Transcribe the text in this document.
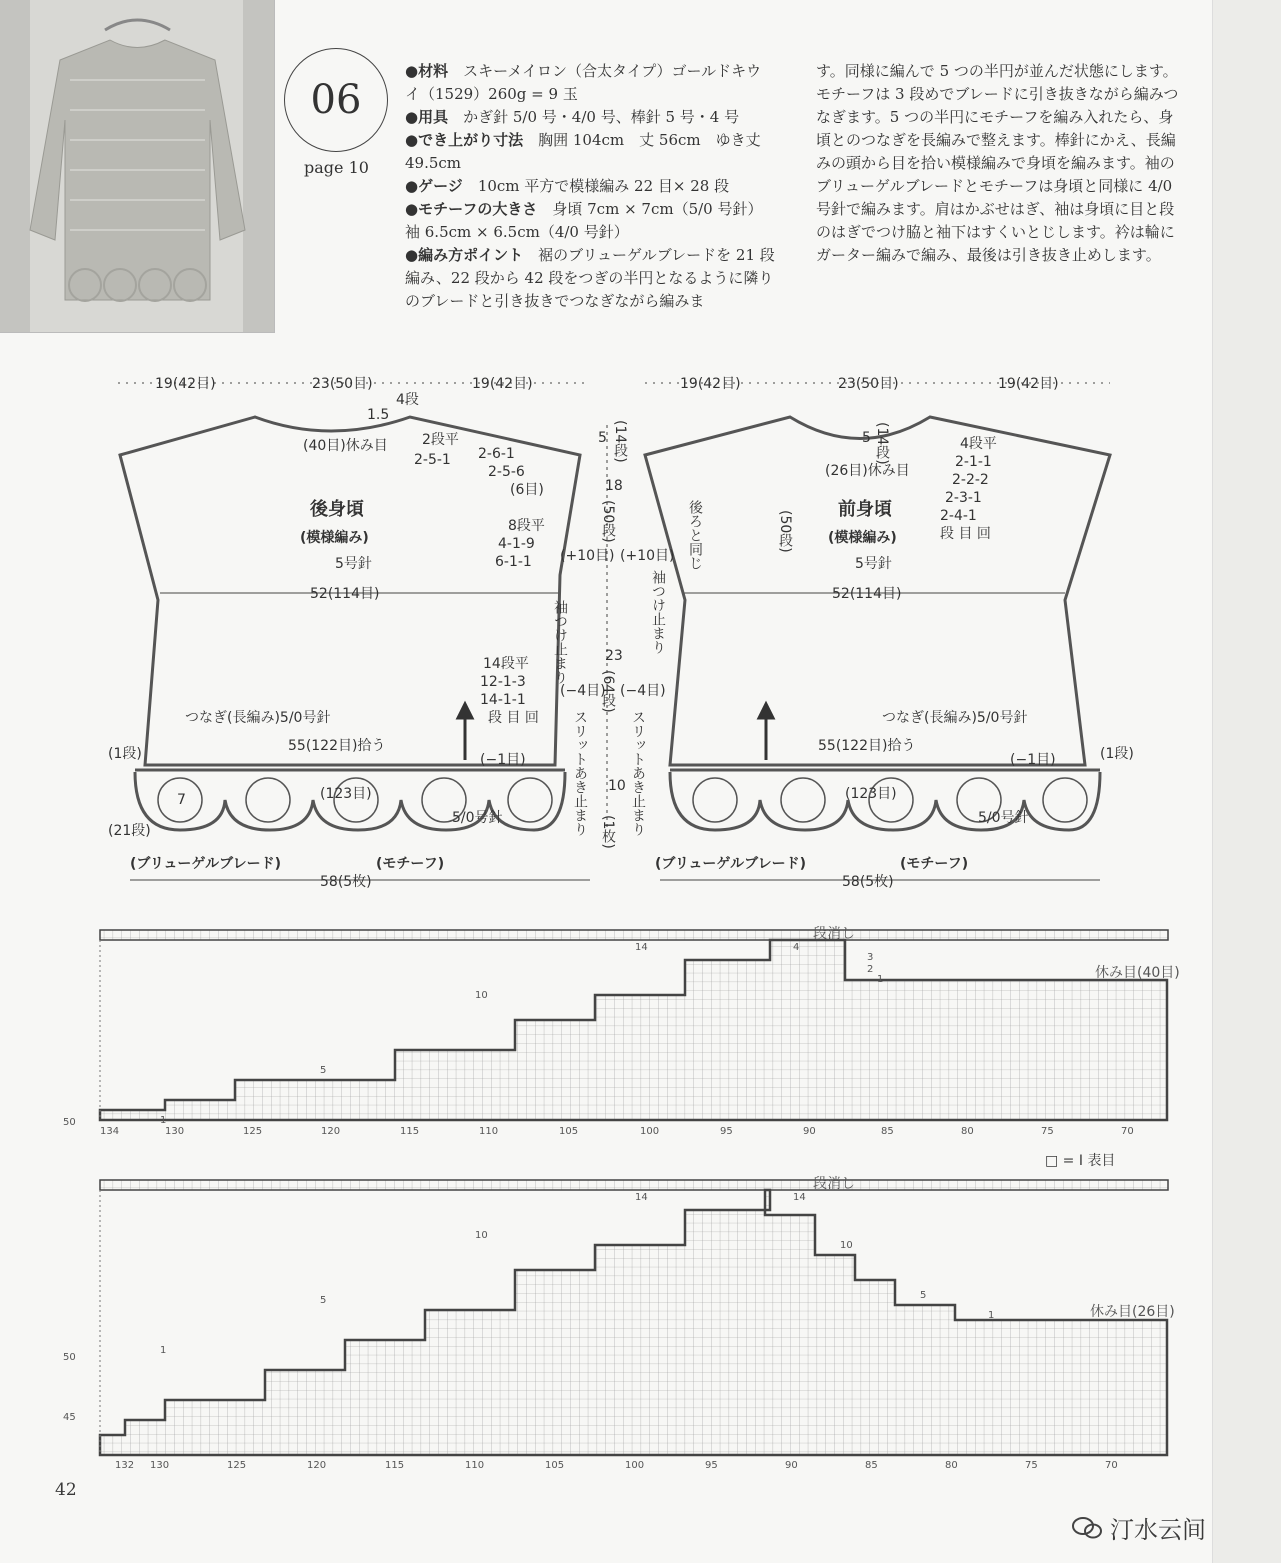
06
page 10
●材料　 スキーメイロン（合太タイプ）ゴールドキウイ（1529）260g = 9 玉
●用具　 かぎ針 5/0 号・4/0 号、棒針 5 号・4 号
●でき上がり寸法　 胸囲 104cm　丈 56cm　ゆき丈 49.5cm
●ゲージ　 10cm 平方で模様編み 22 目× 28 段
●モチーフの大きさ　 身頃 7cm × 7cm（5/0 号針）袖 6.5cm × 6.5cm（4/0 号針）
●編み方ポイント　 裾のブリューゲルブレードを 21 段編み、22 段から 42 段をつぎの半円となるように隣りのブレードと引き抜きでつなぎながら編みま
す。同様に編んで 5 つの半円が並んだ状態にします。モチーフは 3 段めでブレードに引き抜きながら編みつなぎます。5 つの半円にモチーフを編み入れたら、身頃とのつなぎを長編みで整えます。棒針にかえ、長編みの頭から目を拾い模様編みで身頃を編みます。袖のブリューゲルブレードとモチーフは身頃と同様に 4/0 号針で編みます。肩はかぶせはぎ、袖は身頃に目と段のはぎでつけ脇と袖下はすくいとじします。衿は輪にガーター編みで編み、最後は引き抜き止めします。
19(42目)	23(50目)	19(42目)
1.5
4段
(40目)休み目 2段平
2-5-1 2-6-1
2-5-6
(6目)
後身頃
(模様編み)
5号針
52(114目)
8段平
4-1-9
6-1-1
14段平
12-1-3
14-1-1
段 目 回
つなぎ(長編み)5/0号針
55(122目)拾う
(−1目)
(1段)
(123目)
5/0号針
7
(21段)
(ブリューゲルブレード)	(モチーフ)
58(5枚)
袖つけ止まり
スリットあき止まり
5 (14段)
18
(50段)
(+10目) (+10目)
23
(64段)
(−4目) (−4目)
10
(1枚)
19(42目)	23(50目)	19(42目)
5 (14段)
(26目)休み目
4段平
2-1-1
2-2-2
2-3-1
2-4-1
段 目 回
前身頃
(模様編み)
5号針
52(114目)
(50段)
後ろと同じ
袖つけ止まり
スリットあき止まり	つなぎ(長編み)5/0号針
55(122目)拾う
(−1目)	(1段)
(123目)
5/0号針
(ブリューゲルブレード)	(モチーフ)
58(5枚)
段消し
休み目(40目)
14
10
5
1
50
4
3
2
1
134	130	125	120	115	110	105	100	95	90	85	80	75	70
段消し
休み目(26目)
14
10
5
1
50
45
14
10
5
1
132 130	125	120	115	110	105	100	95	90	85	80	75	70
□ = Ⅰ 表目
42
汀水云间
